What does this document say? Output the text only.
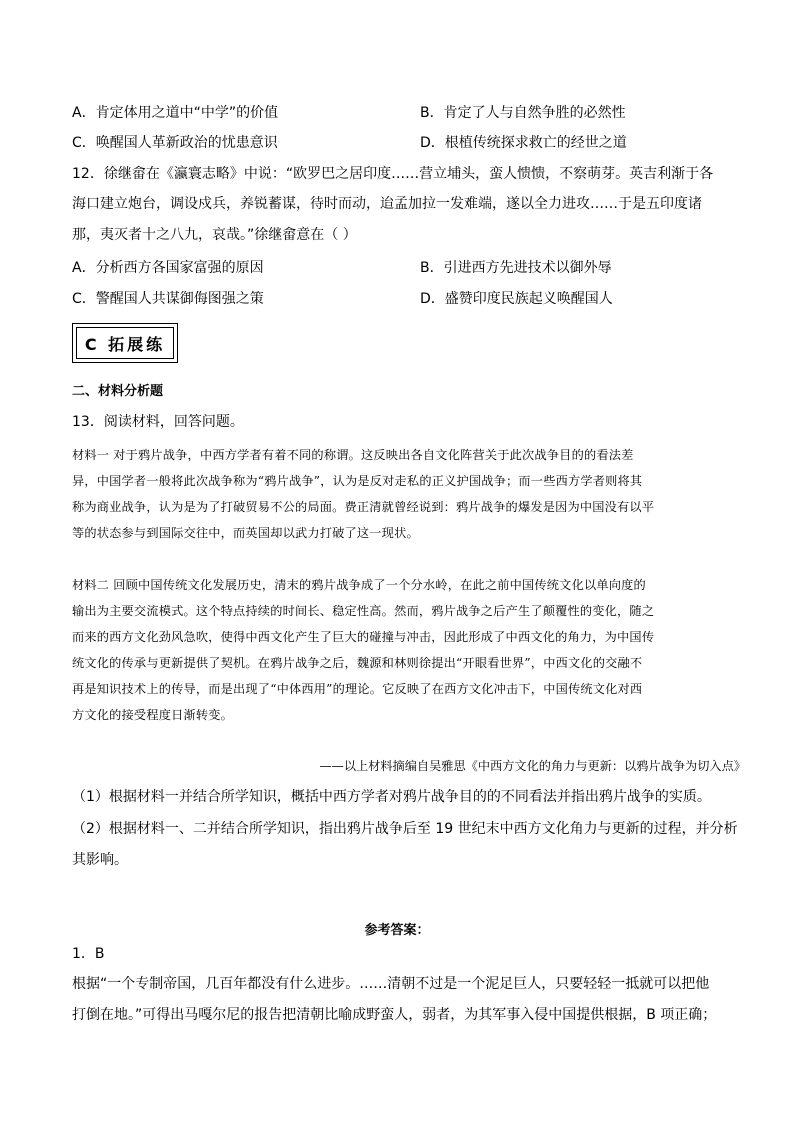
A．肯定体用之道中“中学”的价值	B．肯定了人与自然争胜的必然性
C．唤醒国人革新政治的忧患意识	D．根植传统探求救亡的经世之道
12．徐继畲在《瀛寰志略》中说：“欧罗巴之居印度……营立埔头，蛮人愦愦，不察萌芽。英吉利渐于各
海口建立炮台，调设戍兵，养锐蓄谋，待时而动，迨孟加拉一发难端，遂以全力进攻……于是五印度诸
那，夷灭者十之八九，哀哉。”徐继畲意在（ ）
A．分析西方各国家富强的原因	B．引进西方先进技术以御外辱
C．警醒国人共谋御侮图强之策	D．盛赞印度民族起义唤醒国人
C 拓展练
二、材料分析题
13．阅读材料，回答问题。
材料一 对于鸦片战争，中西方学者有着不同的称谓。这反映出各自文化阵营关于此次战争目的的看法差
异，中国学者一般将此次战争称为“鸦片战争”，认为是反对走私的正义护国战争；而一些西方学者则将其
称为商业战争，认为是为了打破贸易不公的局面。费正清就曾经说到：鸦片战争的爆发是因为中国没有以平
等的状态参与到国际交往中，而英国却以武力打破了这一现状。
材料二 回顾中国传统文化发展历史，清末的鸦片战争成了一个分水岭，在此之前中国传统文化以单向度的
输出为主要交流模式。这个特点持续的时间长、稳定性高。然而，鸦片战争之后产生了颠覆性的变化，随之
而来的西方文化劲风急吹，使得中西文化产生了巨大的碰撞与冲击，因此形成了中西文化的角力，为中国传
统文化的传承与更新提供了契机。在鸦片战争之后，魏源和林则徐提出“开眼看世界”，中西文化的交融不
再是知识技术上的传导，而是出现了“中体西用”的理论。它反映了在西方文化冲击下，中国传统文化对西
方文化的接受程度日渐转变。
——以上材料摘编自吴雅思《中西方文化的角力与更新：以鸦片战争为切入点》
（1）根据材料一并结合所学知识，概括中西方学者对鸦片战争目的的不同看法并指出鸦片战争的实质。
（2）根据材料一、二并结合所学知识，指出鸦片战争后至 19 世纪末中西方文化角力与更新的过程，并分析
其影响。
参考答案：
1．B
根据“一个专制帝国，几百年都没有什么进步。……清朝不过是一个泥足巨人，只要轻轻一抵就可以把他
打倒在地。”可得出马嘎尔尼的报告把清朝比喻成野蛮人，弱者，为其军事入侵中国提供根据，B 项正确；
